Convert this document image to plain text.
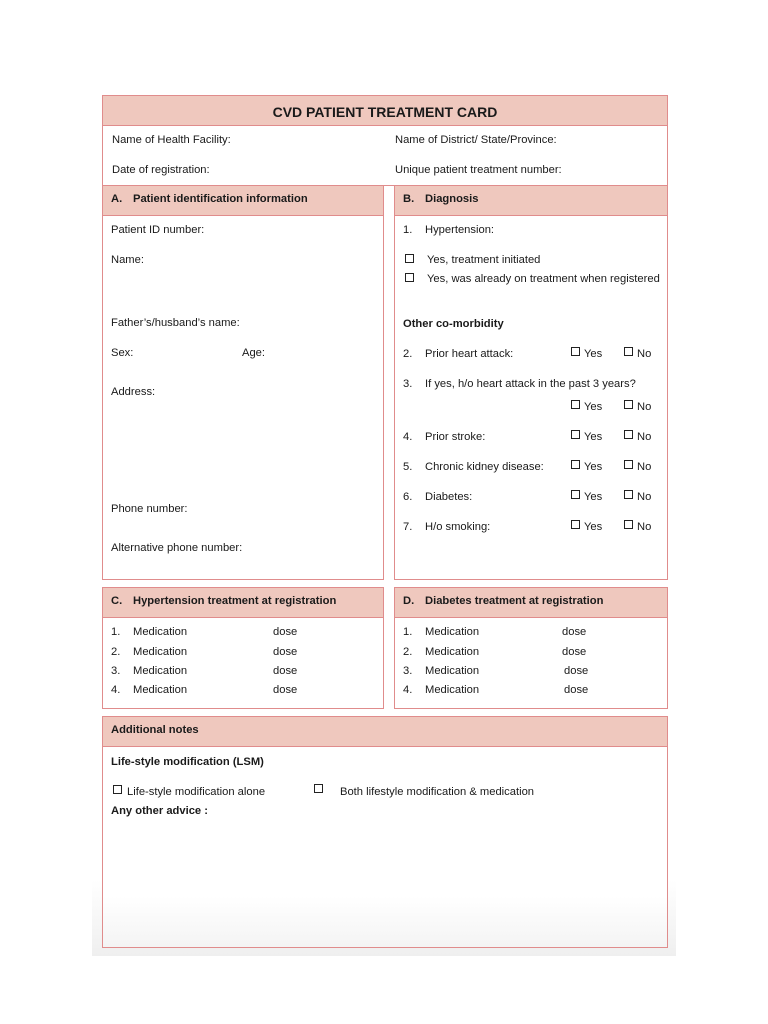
CVD PATIENT TREATMENT CARD
Name of Health Facility:	Name of District/ State/Province:
Date of registration:	Unique patient treatment number:
A. Patient identification information
Patient ID number:
Name:
Father’s/husband’s name:
Sex:	Age:
Address:
Phone number:
Alternative phone number:
B. Diagnosis
1. Hypertension:
Yes, treatment initiated
Yes, was already on treatment when registered
Other co-morbidity
2. Prior heart attack:	Yes	No
3. If yes, h/o heart attack in the past 3 years?
Yes	No
4. Prior stroke:	Yes	No
5. Chronic kidney disease:	Yes	No
6. Diabetes:	Yes	No
7. H/o smoking:	Yes	No
C. Hypertension treatment at registration
1. Medication	dose
2. Medication	dose
3. Medication	dose
4. Medication	dose
D. Diabetes treatment at registration
1. Medication	dose
2. Medication	dose
3. Medication	dose
4. Medication	dose
Additional notes
Life-style modification (LSM)
Life-style modification alone	Both lifestyle modification & medication
Any other advice :
